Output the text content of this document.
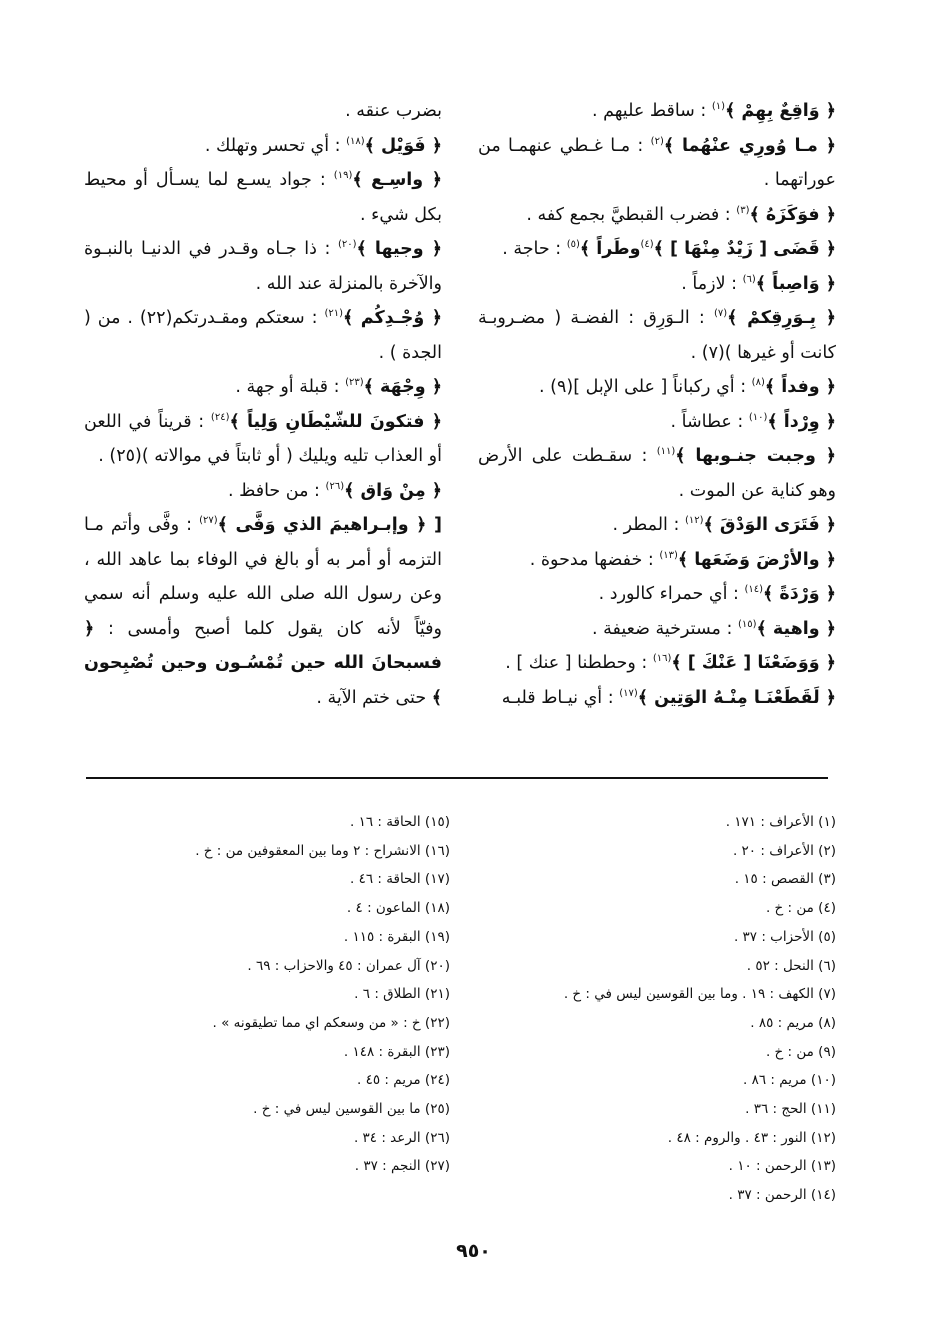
﴿ وَاقِعٌ بِهِمْ ﴾$^{(١)}$ : ساقط عليهم .
﴿ مـا وُورِي عنْهُما ﴾$^{(٢)}$ : مـا غـطي عنهمـا من عوراتهما .
﴿ فوَكَزَهُ ﴾$^{(٣)}$ : فضرب القبطيَّ بجمع كفه .
﴿ قَضَى [ زَيْدٌ مِنْهَا ] ﴾$^{(٤)}$وطَراً ﴾$^{(٥)}$ : حاجة .
﴿ وَاصِباً ﴾$^{(٦)}$ : لازماً .
﴿ بِـوَرِقِكمْ ﴾$^{(٧)}$ : الـوَرِق : الفضـة ( مضـروبـة كانت أو غيرها )(٧) .
﴿ وفداً ﴾$^{(٨)}$ : أي ركباناً [ على الإبل ](٩) .
﴿ وِرْداً ﴾$^{(١٠)}$ : عطاشاً .
﴿ وجبت جنـوبها ﴾$^{(١١)}$ : سقـطت على الأرض وهو كناية عن الموت .
﴿ فَتَرَى الوَدْقَ ﴾$^{(١٢)}$ : المطر .
﴿ والأرْضَ وَضَعَها ﴾$^{(١٣)}$ : خفضها مدحوة .
﴿ وَرْدَةً ﴾$^{(١٤)}$ : أي حمراء كالورد .
﴿ واهية ﴾$^{(١٥)}$ : مسترخية ضعيفة .
﴿ وَوَضَعْنَا [ عَنْكَ ] ﴾$^{(١٦)}$ : وحططنا [ عنك ] .
﴿ لَقَطَعْنَـا مِنْـهُ الوَتِين ﴾$^{(١٧)}$ : أي نيـاط قلبـه
بضرب عنقه .
﴿ فَوَيْل ﴾$^{(١٨)}$ : أي تحسر وتهلك .
﴿ واسِـع ﴾$^{(١٩)}$ : جواد يسـع لما يسـأل أو محيط بكل شيء .
﴿ وجيها ﴾$^{(٢٠)}$ : ذا جـاه وقـدر في الدنيـا بالنبـوة والآخرة بالمنزلة عند الله .
﴿ وُجْـدِكُم ﴾$^{(٢١)}$ : سعتكم ومقـدرتكم(٢٢) . من ( الجدة ) .
﴿ وِجْهَة ﴾$^{(٢٣)}$ : قبلة أو جهة .
﴿ فتكونَ للشّيْطَانِ وَلِياً ﴾$^{(٢٤)}$ : قريناً في اللعن أو العذاب تليه ويليك ( أو ثابتاً في موالاته )(٢٥) .
﴿ مِنْ وَاق ﴾$^{(٢٦)}$ : من حافظ .
[ ﴿ وإبـراهيمَ الذي وَفَّى ﴾$^{(٢٧)}$ : وفَّى وأتم مـا التزمه أو أمر به أو بالغ في الوفاء بما عاهد الله ، وعن رسول الله صلى الله عليه وسلم أنه سمي وفيّاً لأنه كان يقول كلما أصبح وأمسى : ﴿ فسبحانَ الله حين تُمْسُـون وحين تُصْبِحون ﴾ حتى ختم الآية .
(١) الأعراف : ١٧١ .
(٢) الأعراف : ٢٠ .
(٣) القصص : ١٥ .
(٤) من : خ .
(٥) الأحزاب : ٣٧ .
(٦) النحل : ٥٢ .
(٧) الكهف : ١٩ . وما بين القوسين ليس في : خ .
(٨) مريم : ٨٥ .
(٩) من : خ .
(١٠) مريم : ٨٦ .
(١١) الحج : ٣٦ .
(١٢) النور : ٤٣ . والروم : ٤٨ .
(١٣) الرحمن : ١٠ .
(١٤) الرحمن : ٣٧ .
(١٥) الحاقة : ١٦ .
(١٦) الانشراح : ٢ وما بين المعقوفين من : خ .
(١٧) الحاقة : ٤٦ .
(١٨) الماعون : ٤ .
(١٩) البقرة : ١١٥ .
(٢٠) آل عمران : ٤٥ والاحزاب : ٦٩ .
(٢١) الطلاق : ٦ .
(٢٢) خ : « من وسعكم اي مما تطيقونه » .
(٢٣) البقرة : ١٤٨ .
(٢٤) مريم : ٤٥ .
(٢٥) ما بين القوسين ليس في : خ .
(٢٦) الرعد : ٣٤ .
(٢٧) النجم : ٣٧ .
٩٥٠
